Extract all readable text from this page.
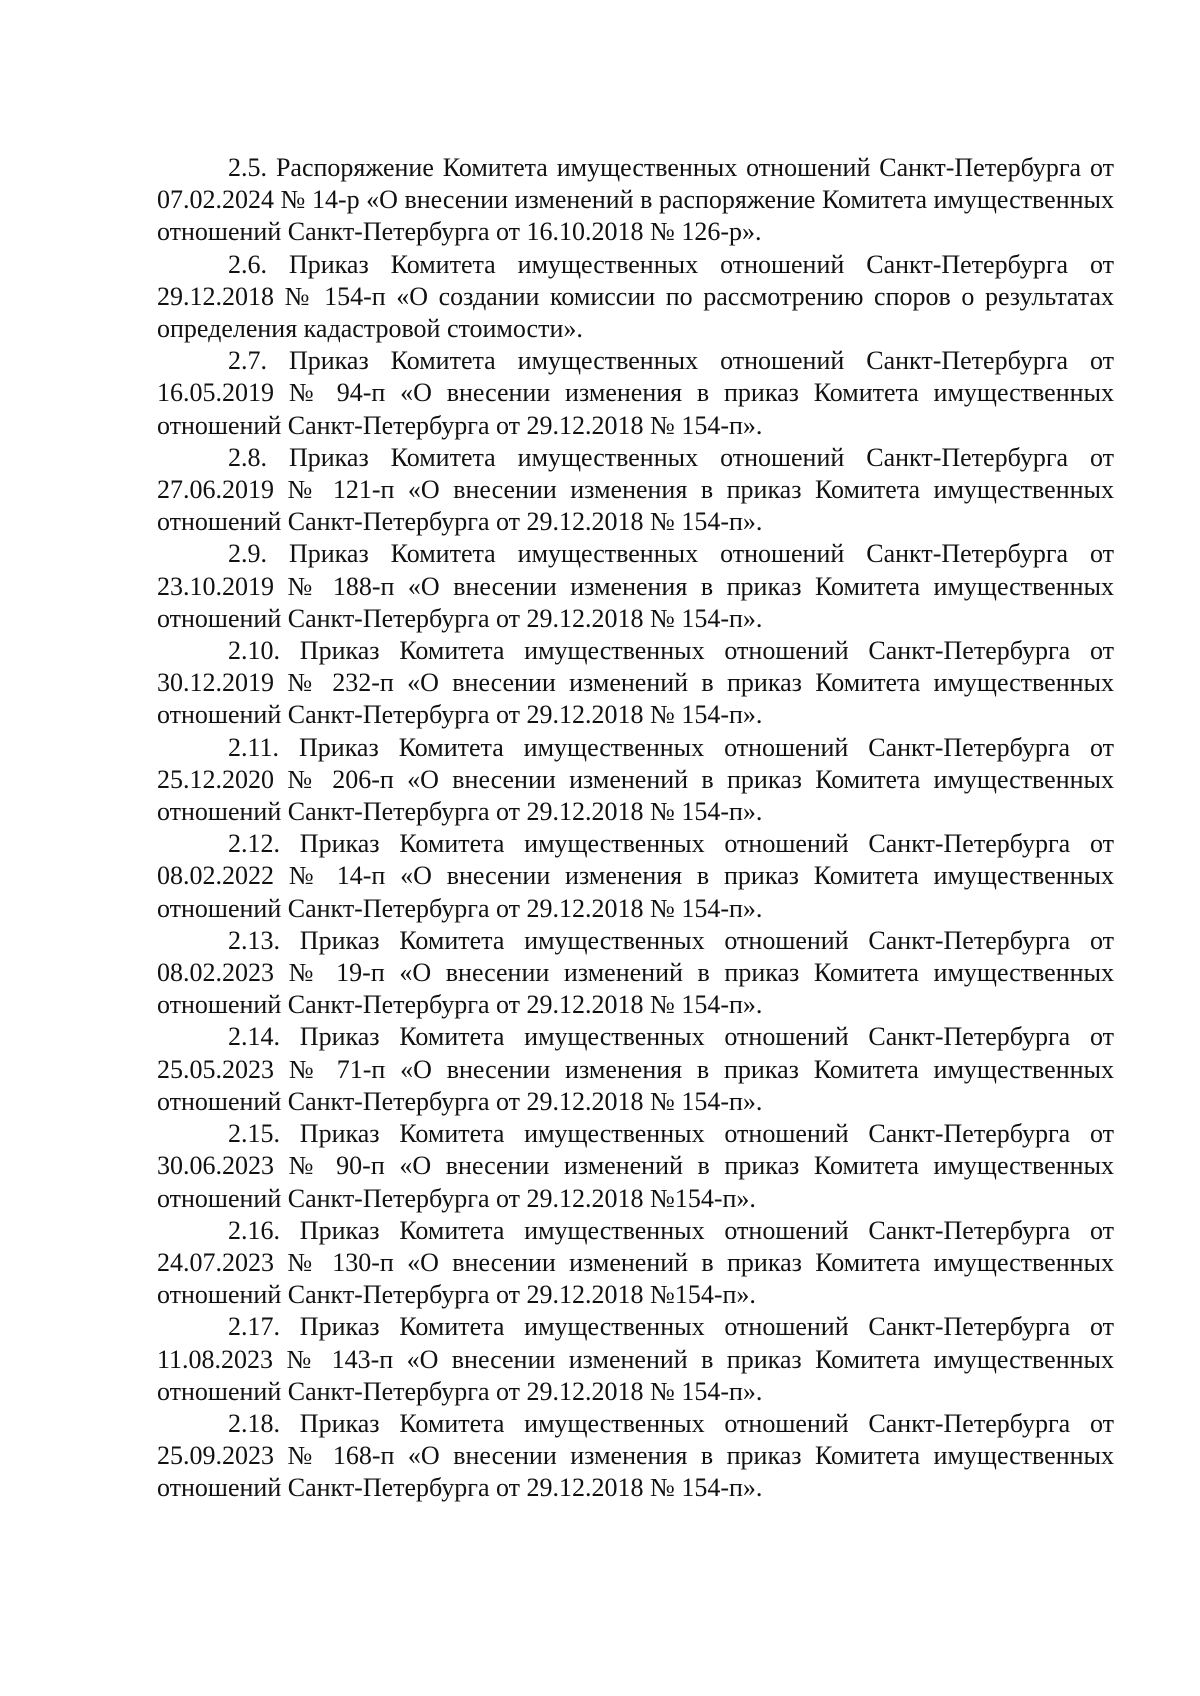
2.5. Распоряжение Комитета имущественных отношений Санкт-Петербурга от 07.02.2024 № 14-р «О внесении изменений в распоряжение Комитета имущественных отношений Санкт-Петербурга от 16.10.2018 № 126-р».

2.6. Приказ Комитета имущественных отношений Санкт-Петербурга от 29.12.2018 № 154-п «О создании комиссии по рассмотрению споров о результатах определения кадастровой стоимости».

2.7. Приказ Комитета имущественных отношений Санкт-Петербурга от 16.05.2019 № 94-п «О внесении изменения в приказ Комитета имущественных отношений Санкт-Петербурга от 29.12.2018 № 154-п».

2.8. Приказ Комитета имущественных отношений Санкт-Петербурга от 27.06.2019 № 121-п «О внесении изменения в приказ Комитета имущественных отношений Санкт-Петербурга от 29.12.2018 № 154-п».

2.9. Приказ Комитета имущественных отношений Санкт-Петербурга от 23.10.2019 № 188-п «О внесении изменения в приказ Комитета имущественных отношений Санкт-Петербурга от 29.12.2018 № 154-п».

2.10. Приказ Комитета имущественных отношений Санкт-Петербурга от 30.12.2019 № 232-п «О внесении изменений в приказ Комитета имущественных отношений Санкт-Петербурга от 29.12.2018 № 154-п».

2.11. Приказ Комитета имущественных отношений Санкт-Петербурга от 25.12.2020 № 206-п «О внесении изменений в приказ Комитета имущественных отношений Санкт-Петербурга от 29.12.2018 № 154-п».

2.12. Приказ Комитета имущественных отношений Санкт-Петербурга от 08.02.2022 № 14-п «О внесении изменения в приказ Комитета имущественных отношений Санкт-Петербурга от 29.12.2018 № 154-п».

2.13. Приказ Комитета имущественных отношений Санкт-Петербурга от 08.02.2023 № 19-п «О внесении изменений в приказ Комитета имущественных отношений Санкт-Петербурга от 29.12.2018 № 154-п».

2.14. Приказ Комитета имущественных отношений Санкт-Петербурга от 25.05.2023 № 71-п «О внесении изменения в приказ Комитета имущественных отношений Санкт-Петербурга от 29.12.2018 № 154-п».

2.15. Приказ Комитета имущественных отношений Санкт-Петербурга от 30.06.2023 № 90-п «О внесении изменений в приказ Комитета имущественных отношений Санкт-Петербурга от 29.12.2018 №154-п».

2.16. Приказ Комитета имущественных отношений Санкт-Петербурга от 24.07.2023 № 130-п «О внесении изменений в приказ Комитета имущественных отношений Санкт-Петербурга от 29.12.2018 №154-п».

2.17. Приказ Комитета имущественных отношений Санкт-Петербурга от 11.08.2023 № 143-п «О внесении изменений в приказ Комитета имущественных отношений Санкт-Петербурга от 29.12.2018 № 154-п».

2.18. Приказ Комитета имущественных отношений Санкт-Петербурга от 25.09.2023 № 168-п «О внесении изменения в приказ Комитета имущественных отношений Санкт-Петербурга от 29.12.2018 № 154-п».
